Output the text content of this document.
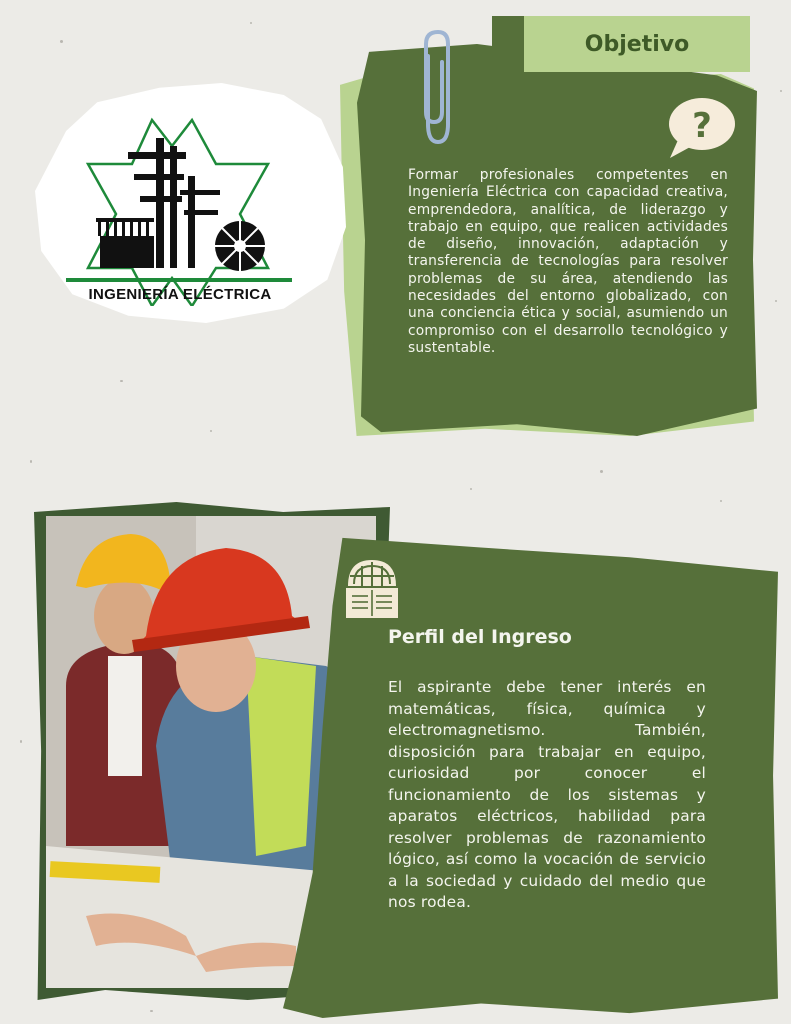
Objetivo
?
Formar profesionales competentes en Ingeniería Eléctrica con capacidad creativa, emprendedora, analítica, de liderazgo y trabajo en equipo, que realicen actividades de diseño, innovación, adaptación y transferencia de tecnologías para resolver problemas de su área, atendiendo las necesidades del entorno globalizado, con una conciencia ética y social, asumiendo un compromiso con el desarrollo tecnológico y sustentable.
INGENIERÍA ELÉCTRICA
Perfil del Ingreso
El aspirante debe tener interés en matemáticas, física, química y electromagnetismo. También, disposición para trabajar en equipo, curiosidad por conocer el funcionamiento de los sistemas y aparatos eléctricos, habilidad para resolver problemas de razonamiento lógico, así como la vocación de servicio a la sociedad y cuidado del medio que nos rodea.
